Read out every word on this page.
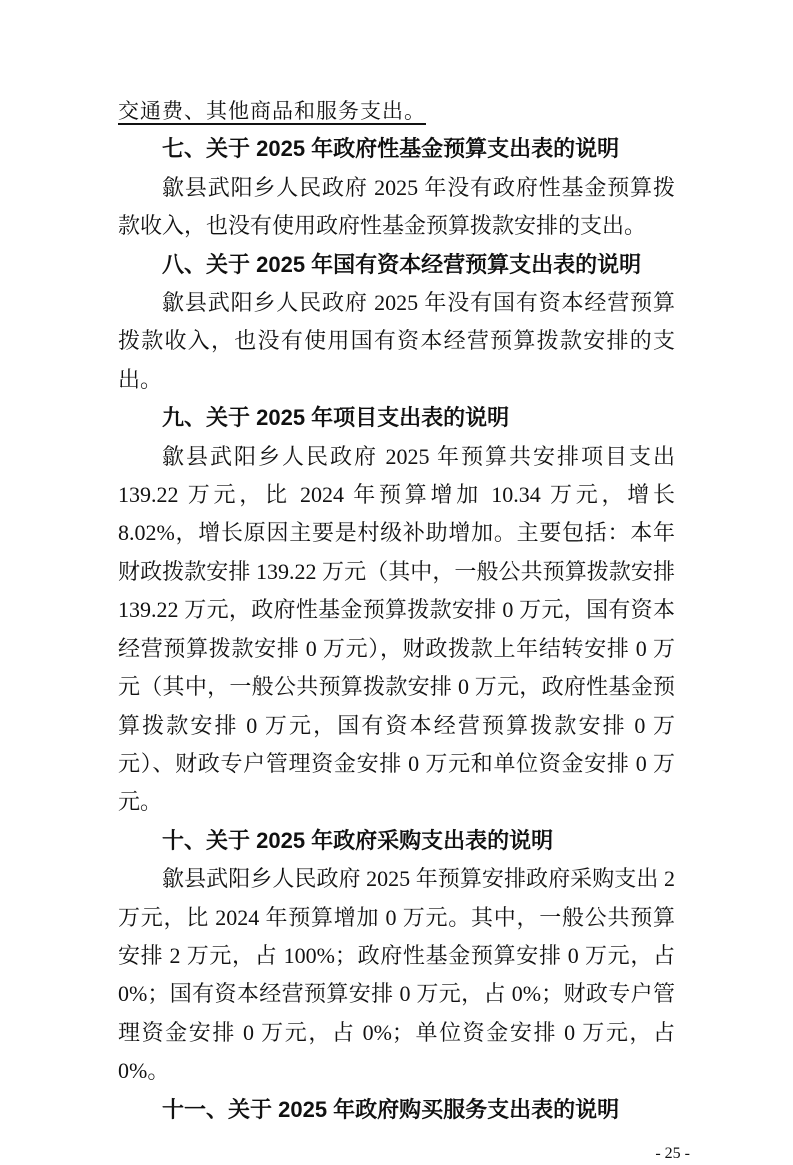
交通费、其他商品和服务支出。

七、关于 2025 年政府性基金预算支出表的说明

歙县武阳乡人民政府 2025 年没有政府性基金预算拨款收入，也没有使用政府性基金预算拨款安排的支出。

八、关于 2025 年国有资本经营预算支出表的说明

歙县武阳乡人民政府 2025 年没有国有资本经营预算拨款收入，也没有使用国有资本经营预算拨款安排的支出。

九、关于 2025 年项目支出表的说明

歙县武阳乡人民政府 2025 年预算共安排项目支出 139.22 万元，比 2024 年预算增加 10.34 万元，增长 8.02%，增长原因主要是村级补助增加。主要包括：本年财政拨款安排 139.22 万元（其中，一般公共预算拨款安排 139.22 万元，政府性基金预算拨款安排 0 万元，国有资本经营预算拨款安排 0 万元），财政拨款上年结转安排 0 万元（其中，一般公共预算拨款安排 0 万元，政府性基金预算拨款安排 0 万元，国有资本经营预算拨款安排 0 万元）、财政专户管理资金安排 0 万元和单位资金安排 0 万元。

十、关于 2025 年政府采购支出表的说明

歙县武阳乡人民政府 2025 年预算安排政府采购支出 2 万元，比 2024 年预算增加 0 万元。其中，一般公共预算安排 2 万元，占 100%；政府性基金预算安排 0 万元，占 0%；国有资本经营预算安排 0 万元，占 0%；财政专户管理资金安排 0 万元，占 0%；单位资金安排 0 万元，占 0%。

十一、关于 2025 年政府购买服务支出表的说明
- 25 -
